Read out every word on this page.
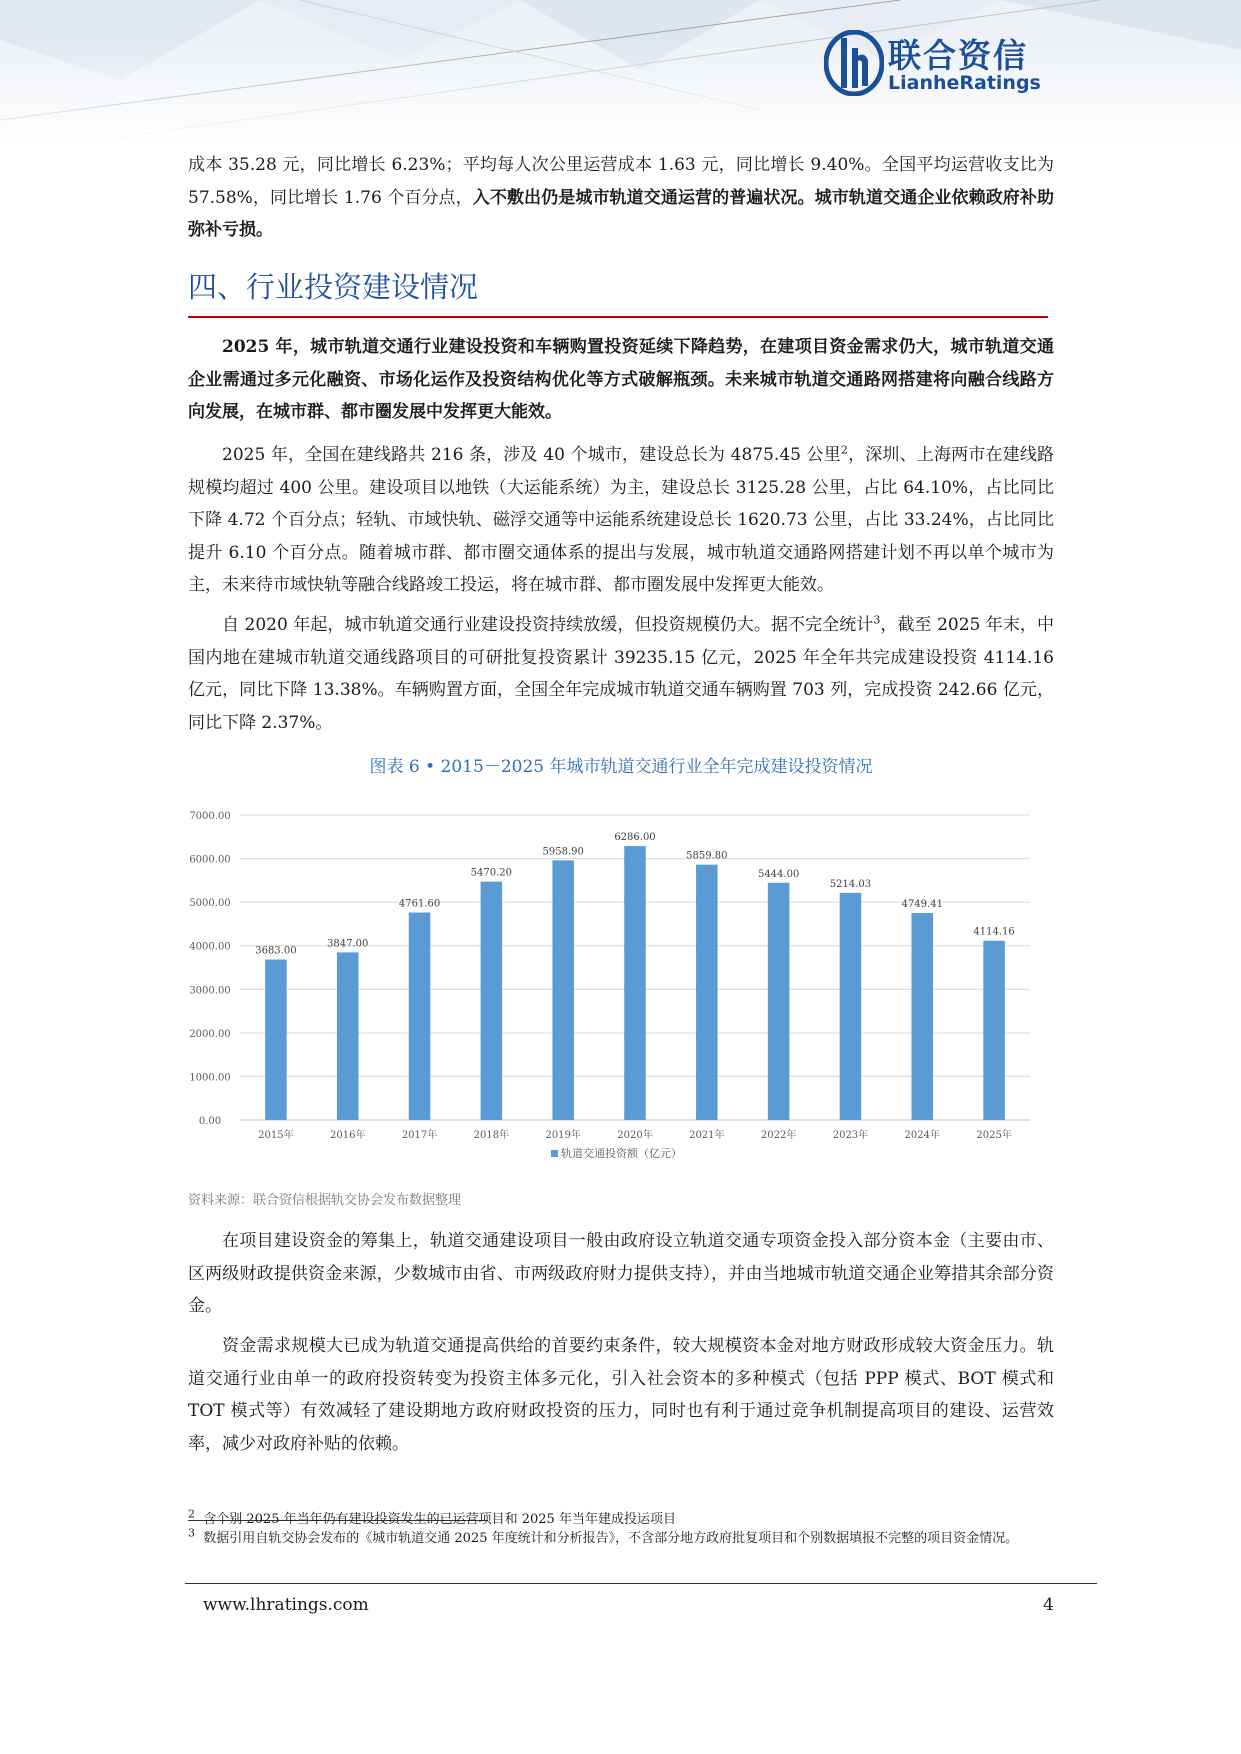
联合资信
LianheRatings

成本 35.28 元，同比增长 6.23%；平均每人次公里运营成本 1.63 元，同比增长 9.40%。全国平均运营收支比为 57.58%，同比增长 1.76 个百分点，入不敷出仍是城市轨道交通运营的普遍状况。城市轨道交通企业依赖政府补助弥补亏损。

四、行业投资建设情况

2025 年，城市轨道交通行业建设投资和车辆购置投资延续下降趋势，在建项目资金需求仍大，城市轨道交通企业需通过多元化融资、市场化运作及投资结构优化等方式破解瓶颈。未来城市轨道交通路网搭建将向融合线路方向发展，在城市群、都市圈发展中发挥更大能效。

2025 年，全国在建线路共 216 条，涉及 40 个城市，建设总长为 4875.45 公里$^2$，深圳、上海两市在建线路规模均超过 400 公里。建设项目以地铁（大运能系统）为主，建设总长 3125.28 公里，占比 64.10%，占比同比下降 4.72 个百分点；轻轨、市域快轨、磁浮交通等中运能系统建设总长 1620.73 公里，占比 33.24%，占比同比提升 6.10 个百分点。随着城市群、都市圈交通体系的提出与发展，城市轨道交通路网搭建计划不再以单个城市为主，未来待市域快轨等融合线路竣工投运，将在城市群、都市圈发展中发挥更大能效。

自 2020 年起，城市轨道交通行业建设投资持续放缓，但投资规模仍大。据不完全统计$^3$，截至 2025 年末，中国内地在建城市轨道交通线路项目的可研批复投资累计 39235.15 亿元，2025 年全年共完成建设投资 4114.16 亿元，同比下降 13.38%。车辆购置方面，全国全年完成城市轨道交通车辆购置 703 列，完成投资 242.66 亿元，同比下降 2.37%。

图表 6 • 2015－2025 年城市轨道交通行业全年完成建设投资情况
0.00
1000.00
2000.00
3000.00
4000.00
5000.00
6000.00
7000.00
3683.00
2015年
3847.00
2016年
4761.60
2017年
5470.20
2018年
5958.90
2019年
6286.00
2020年
5859.80
2021年
5444.00
2022年
5214.03
2023年
4749.41
2024年
4114.16
2025年
轨道交通投资额（亿元）
资料来源：联合资信根据轨交协会发布数据整理

在项目建设资金的筹集上，轨道交通建设项目一般由政府设立轨道交通专项资金投入部分资本金（主要由市、区两级财政提供资金来源，少数城市由省、市两级政府财力提供支持），并由当地城市轨道交通企业筹措其余部分资金。

资金需求规模大已成为轨道交通提高供给的首要约束条件，较大规模资本金对地方财政形成较大资金压力。轨道交通行业由单一的政府投资转变为投资主体多元化，引入社会资本的多种模式（包括 PPP 模式、BOT 模式和 TOT 模式等）有效减轻了建设期地方政府财政投资的压力，同时也有利于通过竞争机制提高项目的建设、运营效率，减少对政府补贴的依赖。

$^2$ 含个别 2025 年当年仍有建设投资发生的已运营项目和 2025 年当年建成投运项目

$^3$ 数据引用自轨交协会发布的《城市轨道交通 2025 年度统计和分析报告》，不含部分地方政府批复项目和个别数据填报不完整的项目资金情况。

www.lhratings.com	4
